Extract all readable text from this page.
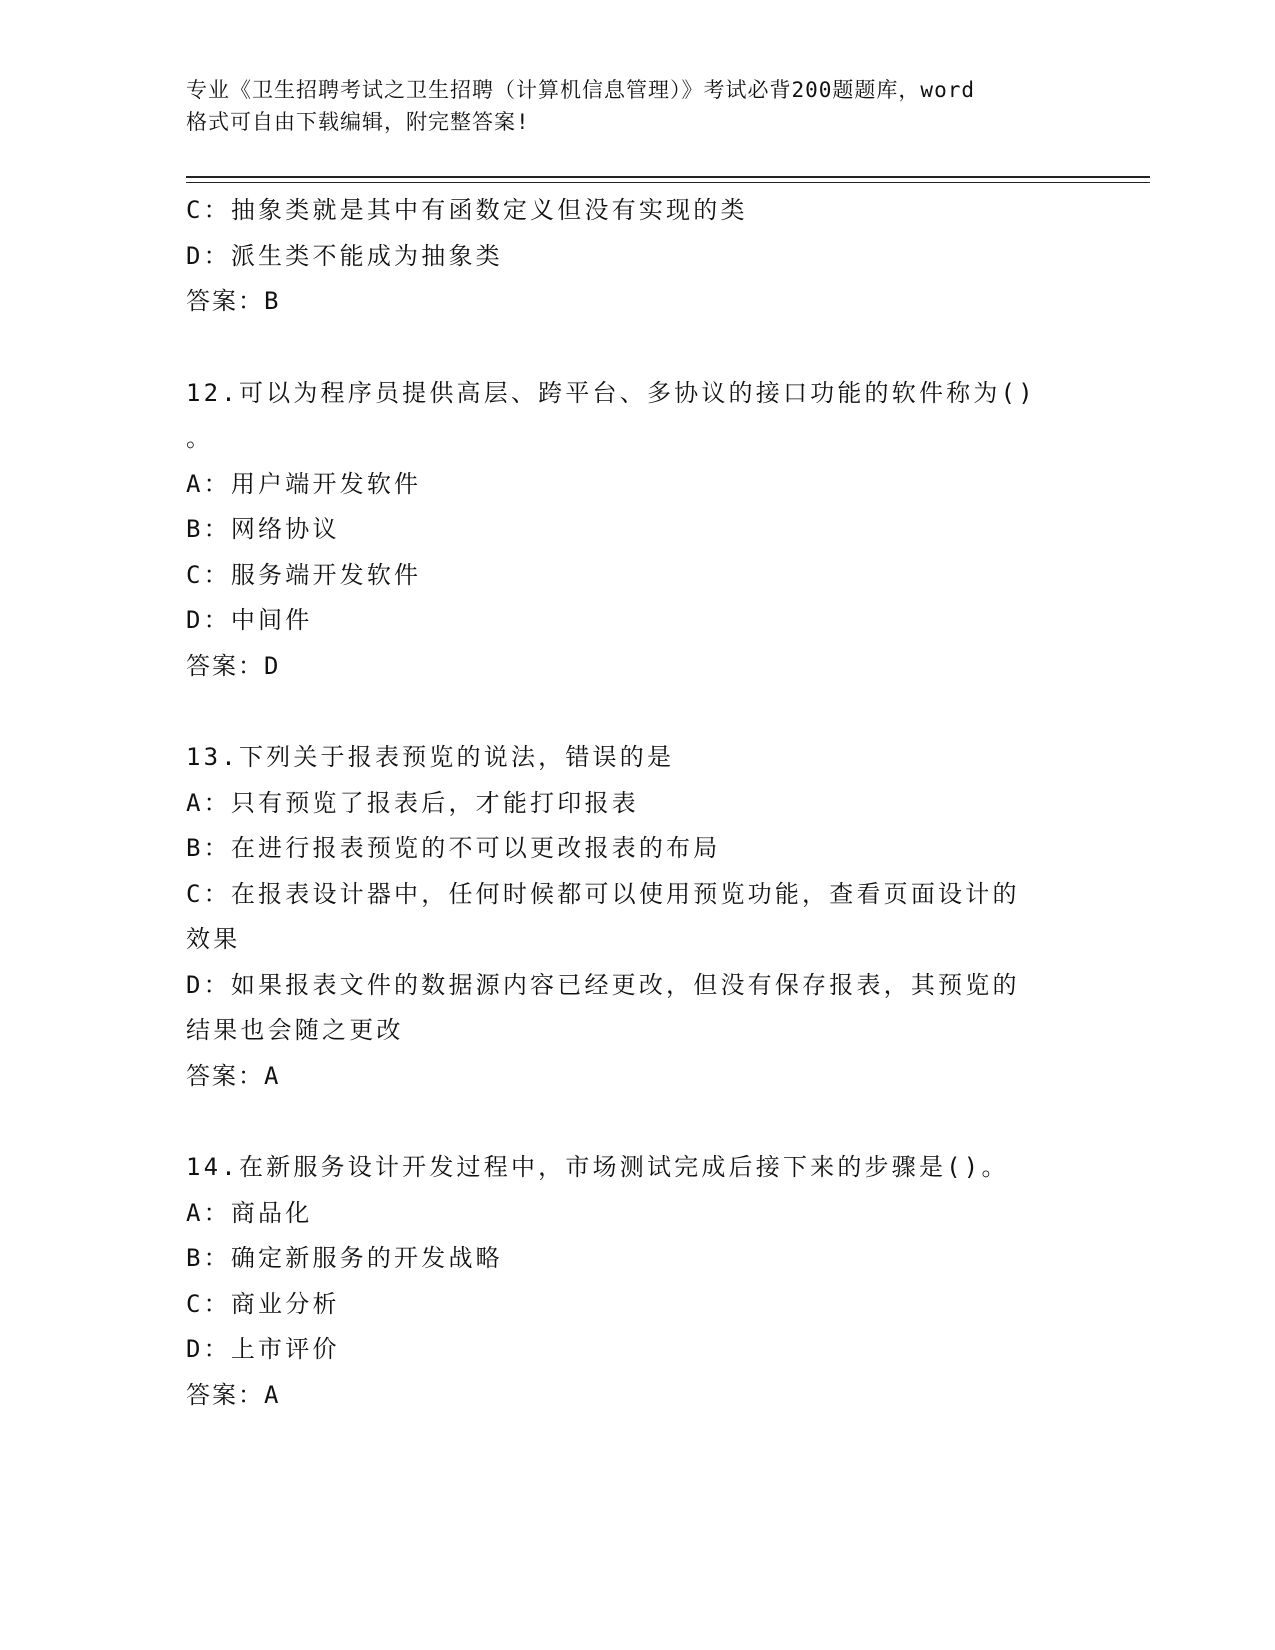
专业《卫生招聘考试之卫生招聘（计算机信息管理）》考试必背200题题库，word
格式可自由下载编辑，附完整答案!

C：抽象类就是其中有函数定义但没有实现的类

D：派生类不能成为抽象类

答案：B

12.可以为程序员提供高层、跨平台、多协议的接口功能的软件称为()

。

A：用户端开发软件

B：网络协议

C：服务端开发软件

D：中间件

答案：D

13.下列关于报表预览的说法，错误的是

A：只有预览了报表后，才能打印报表

B：在进行报表预览的不可以更改报表的布局

C：在报表设计器中，任何时候都可以使用预览功能，查看页面设计的

效果

D：如果报表文件的数据源内容已经更改，但没有保存报表，其预览的

结果也会随之更改

答案：A

14.在新服务设计开发过程中，市场测试完成后接下来的步骤是()。

A：商品化

B：确定新服务的开发战略

C：商业分析

D：上市评价

答案：A
